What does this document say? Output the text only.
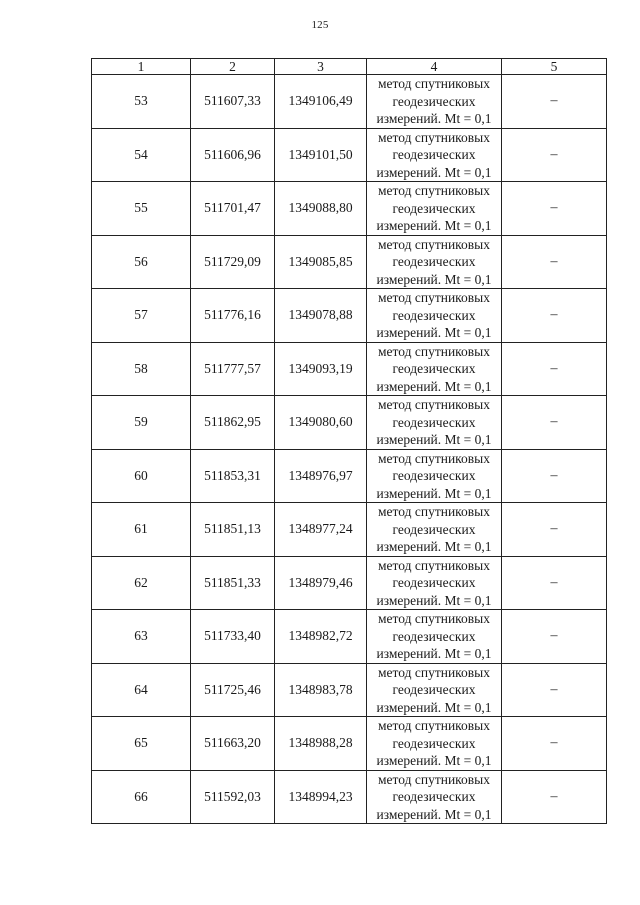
125
1	2	3	4	5
53	511607,33	1349106,49	метод спутниковых
геодезических
измерений. Mt = 0,1	–
54	511606,96	1349101,50	метод спутниковых
геодезических
измерений. Mt = 0,1	–
55	511701,47	1349088,80	метод спутниковых
геодезических
измерений. Mt = 0,1	–
56	511729,09	1349085,85	метод спутниковых
геодезических
измерений. Mt = 0,1	–
57	511776,16	1349078,88	метод спутниковых
геодезических
измерений. Mt = 0,1	–
58	511777,57	1349093,19	метод спутниковых
геодезических
измерений. Mt = 0,1	–
59	511862,95	1349080,60	метод спутниковых
геодезических
измерений. Mt = 0,1	–
60	511853,31	1348976,97	метод спутниковых
геодезических
измерений. Mt = 0,1	–
61	511851,13	1348977,24	метод спутниковых
геодезических
измерений. Mt = 0,1	–
62	511851,33	1348979,46	метод спутниковых
геодезических
измерений. Mt = 0,1	–
63	511733,40	1348982,72	метод спутниковых
геодезических
измерений. Mt = 0,1	–
64	511725,46	1348983,78	метод спутниковых
геодезических
измерений. Mt = 0,1	–
65	511663,20	1348988,28	метод спутниковых
геодезических
измерений. Mt = 0,1	–
66	511592,03	1348994,23	метод спутниковых
геодезических
измерений. Mt = 0,1	–
